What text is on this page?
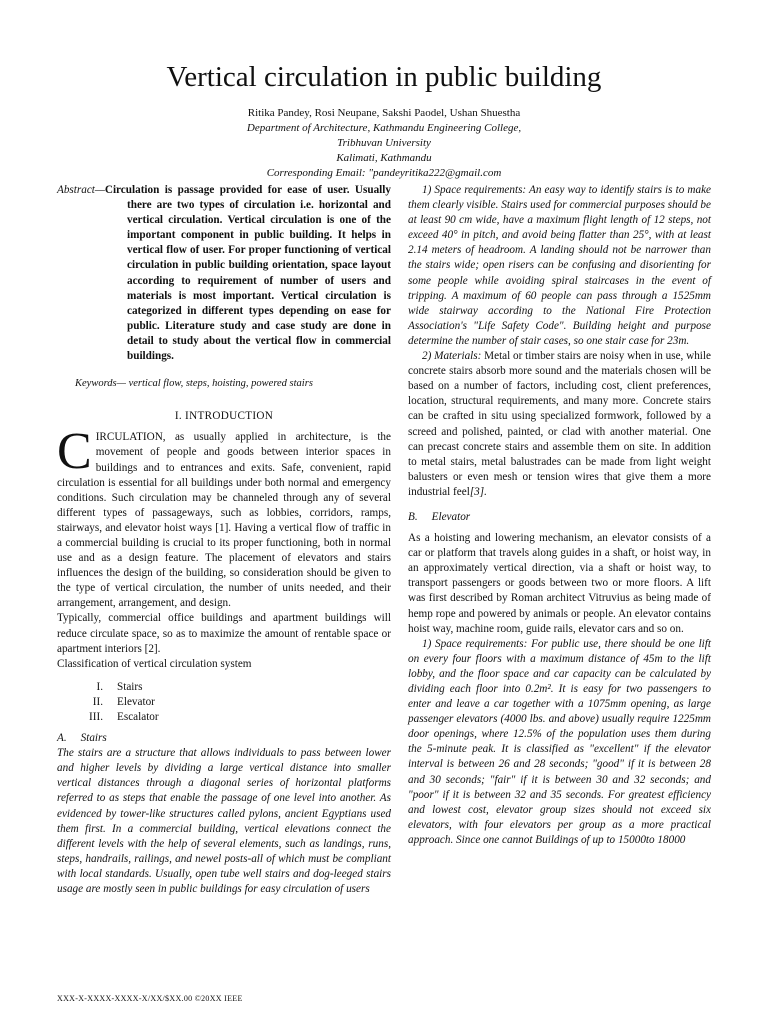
Vertical circulation in public building
Ritika Pandey, Rosi Neupane, Sakshi Paodel, Ushan Shuestha
Department of Architecture, Kathmandu Engineering College,
Tribhuvan University
Kalimati, Kathmandu
Corresponding Email: "pandeyritika222@gmail.com

Abstract—Circulation is passage provided for ease of user. Usually there are two types of circulation i.e. horizontal and vertical circulation. Vertical circulation is one of the important component in public building. It helps in vertical flow of user. For proper functioning of vertical circulation in public building orientation, space layout according to requirement of number of users and materials is most important. Vertical circulation is categorized in different types depending on ease for public. Literature study and case study are done in detail to study about the vertical flow in commercial buildings.

Keywords— vertical flow, steps, hoisting, powered stairs

I. INTRODUCTION

CIRCULATION, as usually applied in architecture, is the movement of people and goods between interior spaces in buildings and to entrances and exits. Safe, convenient, rapid circulation is essential for all buildings under both normal and emergency conditions. Such circulation may be channeled through any of several different types of passageways, such as lobbies, corridors, ramps, stairways, and elevator hoist ways [1]. Having a vertical flow of traffic in a commercial building is crucial to its proper functioning, both in normal use and as a design feature. The placement of elevators and stairs influences the design of the building, so consideration should be given to the type of vertical circulation, the number of units needed, and their arrangement, arrangement, and design.

Typically, commercial office buildings and apartment buildings will reduce circulate space, so as to maximize the amount of rentable space or apartment interiors [2].

Classification of vertical circulation system

I. Stairs
II. Elevator
III. Escalator

A. Stairs

The stairs are a structure that allows individuals to pass between lower and higher levels by dividing a large vertical distance into smaller vertical distances through a diagonal series of horizontal platforms referred to as steps that enable the passage of one level into another. As evidenced by tower-like structures called pylons, ancient Egyptians used them first. In a commercial building, vertical elevations connect the different levels with the help of several elements, such as landings, runs, steps, handrails, railings, and newel posts-all of which must be compliant with local standards. Usually, open tube well stairs and dog-leeged stairs usage are mostly seen in public buildings for easy circulation of users

1) Space requirements: An easy way to identify stairs is to make them clearly visible. Stairs used for commercial purposes should be at least 90 cm wide, have a maximum flight length of 12 steps, not exceed 40° in pitch, and avoid being flatter than 25°, with at least 2.14 meters of headroom. A landing should not be narrower than the stairs wide; open risers can be confusing and disorienting for some people while avoiding spiral staircases in the event of tripping. A maximum of 60 people can pass through a 1525mm wide stairway according to the National Fire Protection Association's "Life Safety Code". Building height and purpose determine the number of stair cases, so one stair case for 23m.

2) Materials: Metal or timber stairs are noisy when in use, while concrete stairs absorb more sound and the materials chosen will be based on a number of factors, including cost, client preferences, location, structural requirements, and many more. Concrete stairs can be crafted in situ using specialized formwork, followed by a screed and polished, painted, or clad with another material. One can precast concrete stairs and assemble them on site. In addition to metal stairs, metal balustrades can be made from light weight balusters or even mesh or tension wires that give them a more industrial feel[3].

B. Elevator

As a hoisting and lowering mechanism, an elevator consists of a car or platform that travels along guides in a shaft, or hoist way, in an approximately vertical direction, via a shaft or hoist way, to transport passengers or goods between two or more floors. A lift was first described by Roman architect Vitruvius as being made of hemp rope and powered by animals or people. An elevator contains hoist way, machine room, guide rails, elevator cars and so on.

1) Space requirements: For public use, there should be one lift on every four floors with a maximum distance of 45m to the lift lobby, and the floor space and car capacity can be calculated by dividing each floor into 0.2m². It is easy for two passengers to enter and leave a car together with a 1075mm opening, as large passenger elevators (4000 lbs. and above) usually require 1225mm door openings, where 12.5% of the population uses them during the 5-minute peak. It is classified as "excellent" if the elevator interval is between 26 and 28 seconds; "good" if it is between 28 and 30 seconds; "fair" if it is between 30 and 32 seconds; and "poor" if it is between 32 and 35 seconds. For greatest efficiency and lowest cost, elevator group sizes should not exceed six elevators, with four elevators per group as a more practical approach. Since one cannot Buildings of up to 15000to 18000

XXX-X-XXXX-XXXX-X/XX/$XX.00 ©20XX IEEE
